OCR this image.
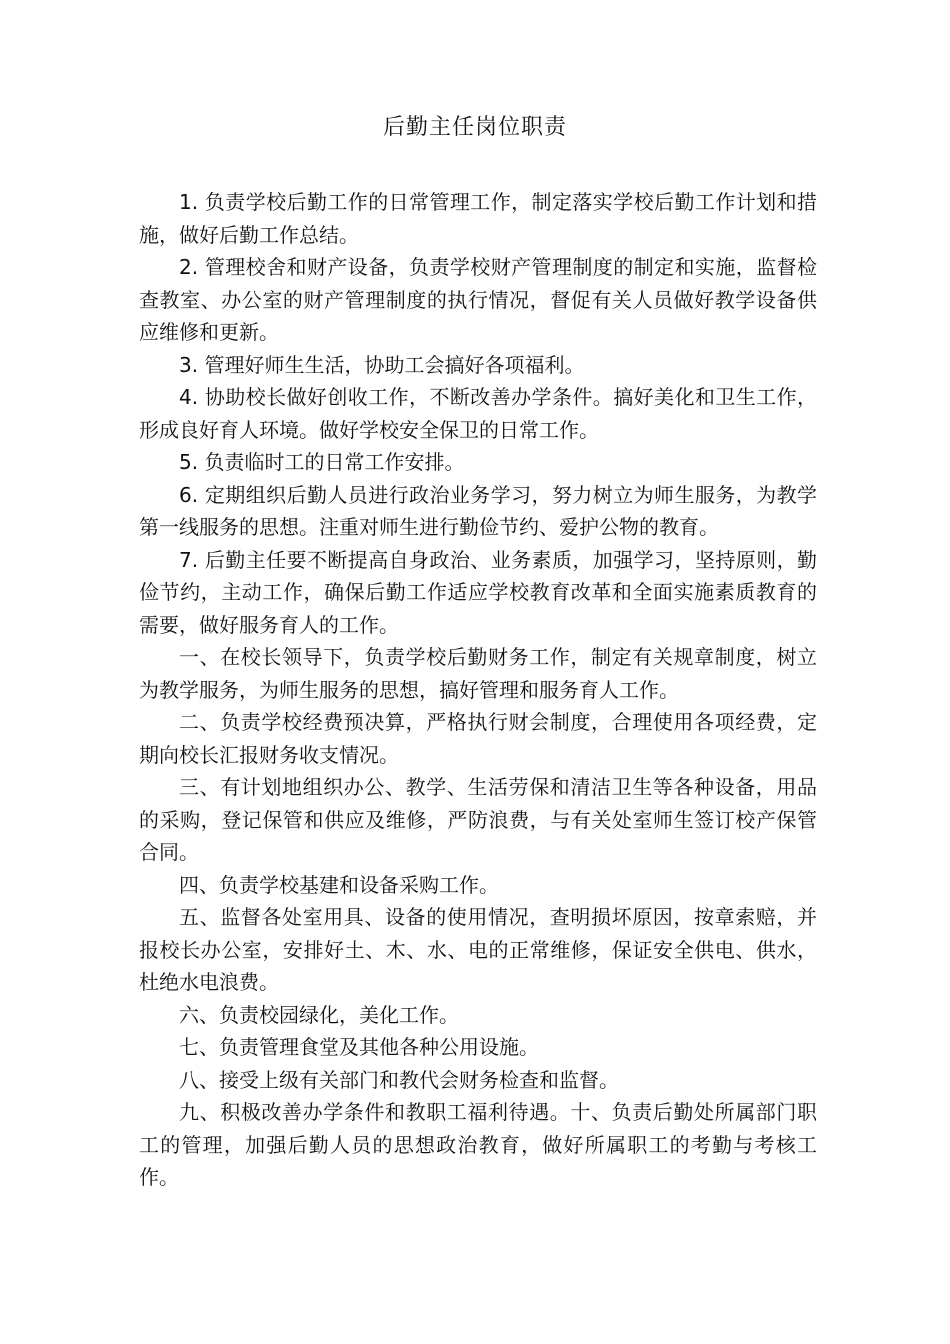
后勤主任岗位职责

1. 负责学校后勤工作的日常管理工作，制定落实学校后勤工作计划和措施，做好后勤工作总结。

2. 管理校舍和财产设备，负责学校财产管理制度的制定和实施，监督检查教室、办公室的财产管理制度的执行情况，督促有关人员做好教学设备供应维修和更新。

3. 管理好师生生活，协助工会搞好各项福利。

4. 协助校长做好创收工作，不断改善办学条件。搞好美化和卫生工作，形成良好育人环境。做好学校安全保卫的日常工作。

5. 负责临时工的日常工作安排。

6. 定期组织后勤人员进行政治业务学习，努力树立为师生服务，为教学第一线服务的思想。注重对师生进行勤俭节约、爱护公物的教育。

7. 后勤主任要不断提高自身政治、业务素质，加强学习，坚持原则，勤俭节约，主动工作，确保后勤工作适应学校教育改革和全面实施素质教育的需要，做好服务育人的工作。

一、在校长领导下，负责学校后勤财务工作，制定有关规章制度，树立为教学服务，为师生服务的思想，搞好管理和服务育人工作。

二、负责学校经费预决算，严格执行财会制度，合理使用各项经费，定期向校长汇报财务收支情况。

三、有计划地组织办公、教学、生活劳保和清洁卫生等各种设备，用品的采购，登记保管和供应及维修，严防浪费，与有关处室师生签订校产保管合同。

四、负责学校基建和设备采购工作。

五、监督各处室用具、设备的使用情况，查明损坏原因，按章索赔，并报校长办公室，安排好土、木、水、电的正常维修，保证安全供电、供水，杜绝水电浪费。

六、负责校园绿化，美化工作。

七、负责管理食堂及其他各种公用设施。

八、接受上级有关部门和教代会财务检查和监督。

九、积极改善办学条件和教职工福利待遇。十、负责后勤处所属部门职工的管理，加强后勤人员的思想政治教育，做好所属职工的考勤与考核工作。
